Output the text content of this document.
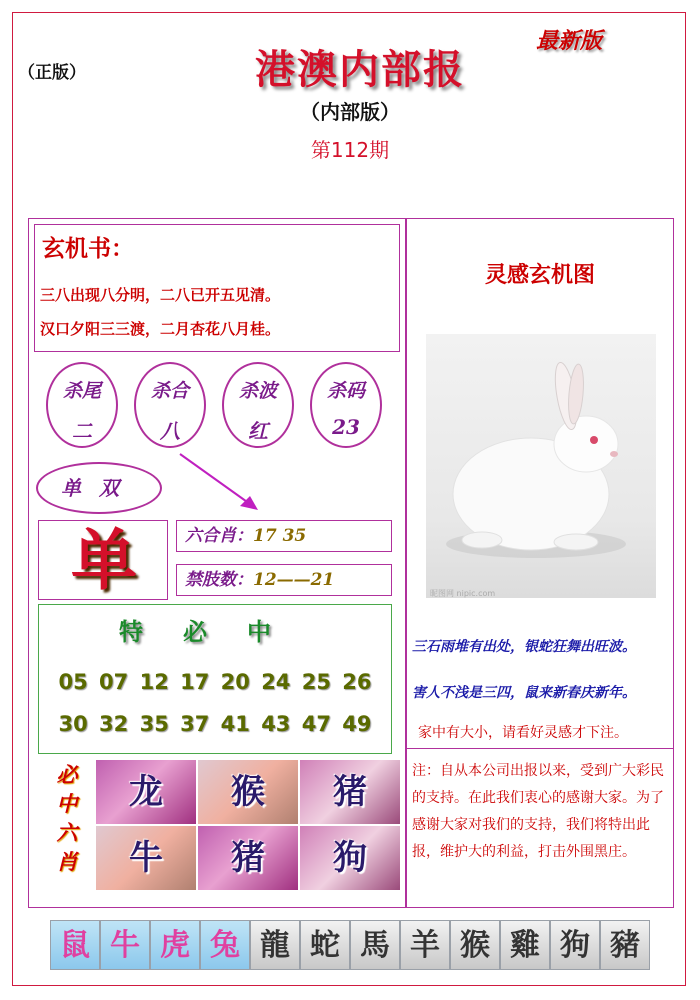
（正版）
最新版
港澳内部报
（内部版）
第112期
玄机书：
三八出现八分明，二八已开五见清。
汉口夕阳三三渡，二月杏花八月桂。
杀尾
二
杀合
八
杀波
红
杀码
23
单双
单	六合肖：17 35
禁肢数：12——21
特必中
05 07 12 17 20 24 25 26
30 32 35 37 41 43 47 49
必
中
六
肖
龙	猴	猪
牛	猪	狗
灵感玄机图
昵图网 nipic.com
三石雨堆有出处，银蛇狂舞出旺波。
害人不浅是三四，鼠来新春庆新年。
家中有大小，请看好灵感才下注。
注：自从本公司出报以来，受到广大彩民的支持。在此我们衷心的感谢大家。为了感谢大家对我们的支持，我们将特出此报，维护大的利益，打击外围黑庄。
鼠 牛 虎 兔 龍 蛇 馬 羊 猴 雞 狗 豬
